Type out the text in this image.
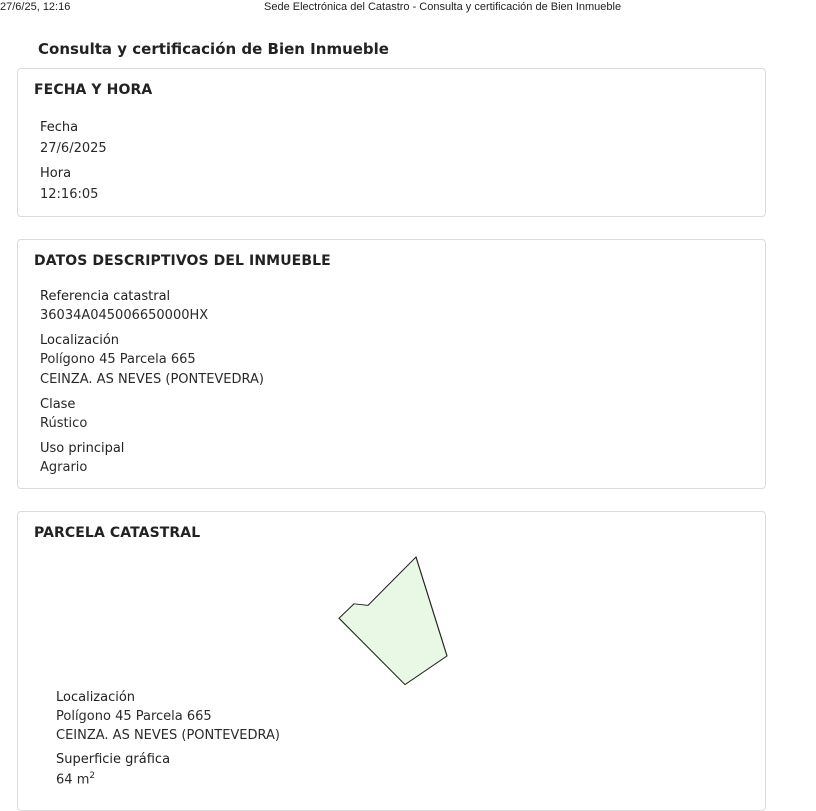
27/6/25, 12:16	Sede Electrónica del Catastro - Consulta y certificación de Bien Inmueble
Consulta y certificación de Bien Inmueble
FECHA Y HORA
Fecha
27/6/2025
Hora
12:16:05
DATOS DESCRIPTIVOS DEL INMUEBLE
Referencia catastral
36034A045006650000HX
Localización
Polígono 45 Parcela 665
CEINZA. AS NEVES (PONTEVEDRA)
Clase
Rústico
Uso principal
Agrario
PARCELA CATASTRAL
Localización
Polígono 45 Parcela 665
CEINZA. AS NEVES (PONTEVEDRA)
Superficie gráfica
64 $m^2$
